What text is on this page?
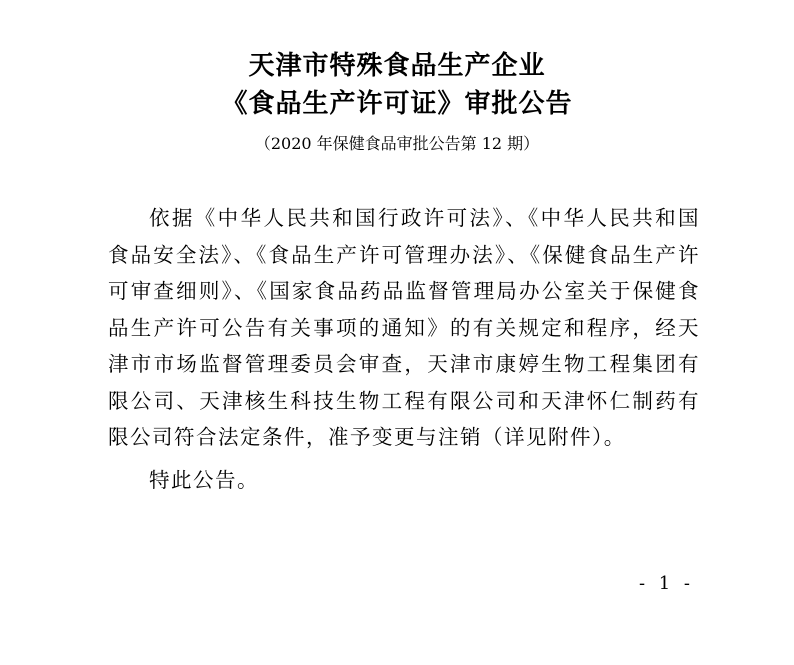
天津市特殊食品生产企业
《食品生产许可证》审批公告
（2020 年保健食品审批公告第 12 期）

依据《中华人民共和国行政许可法》、《中华人民共和国食品安全法》、《食品生产许可管理办法》、《保健食品生产许可审查细则》、《国家食品药品监督管理局办公室关于保健食品生产许可公告有关事项的通知》的有关规定和程序，经天津市市场监督管理委员会审查，天津市康婷生物工程集团有限公司、天津核生科技生物工程有限公司和天津怀仁制药有限公司符合法定条件，准予变更与注销（详见附件）。

特此公告。

- 1 -
